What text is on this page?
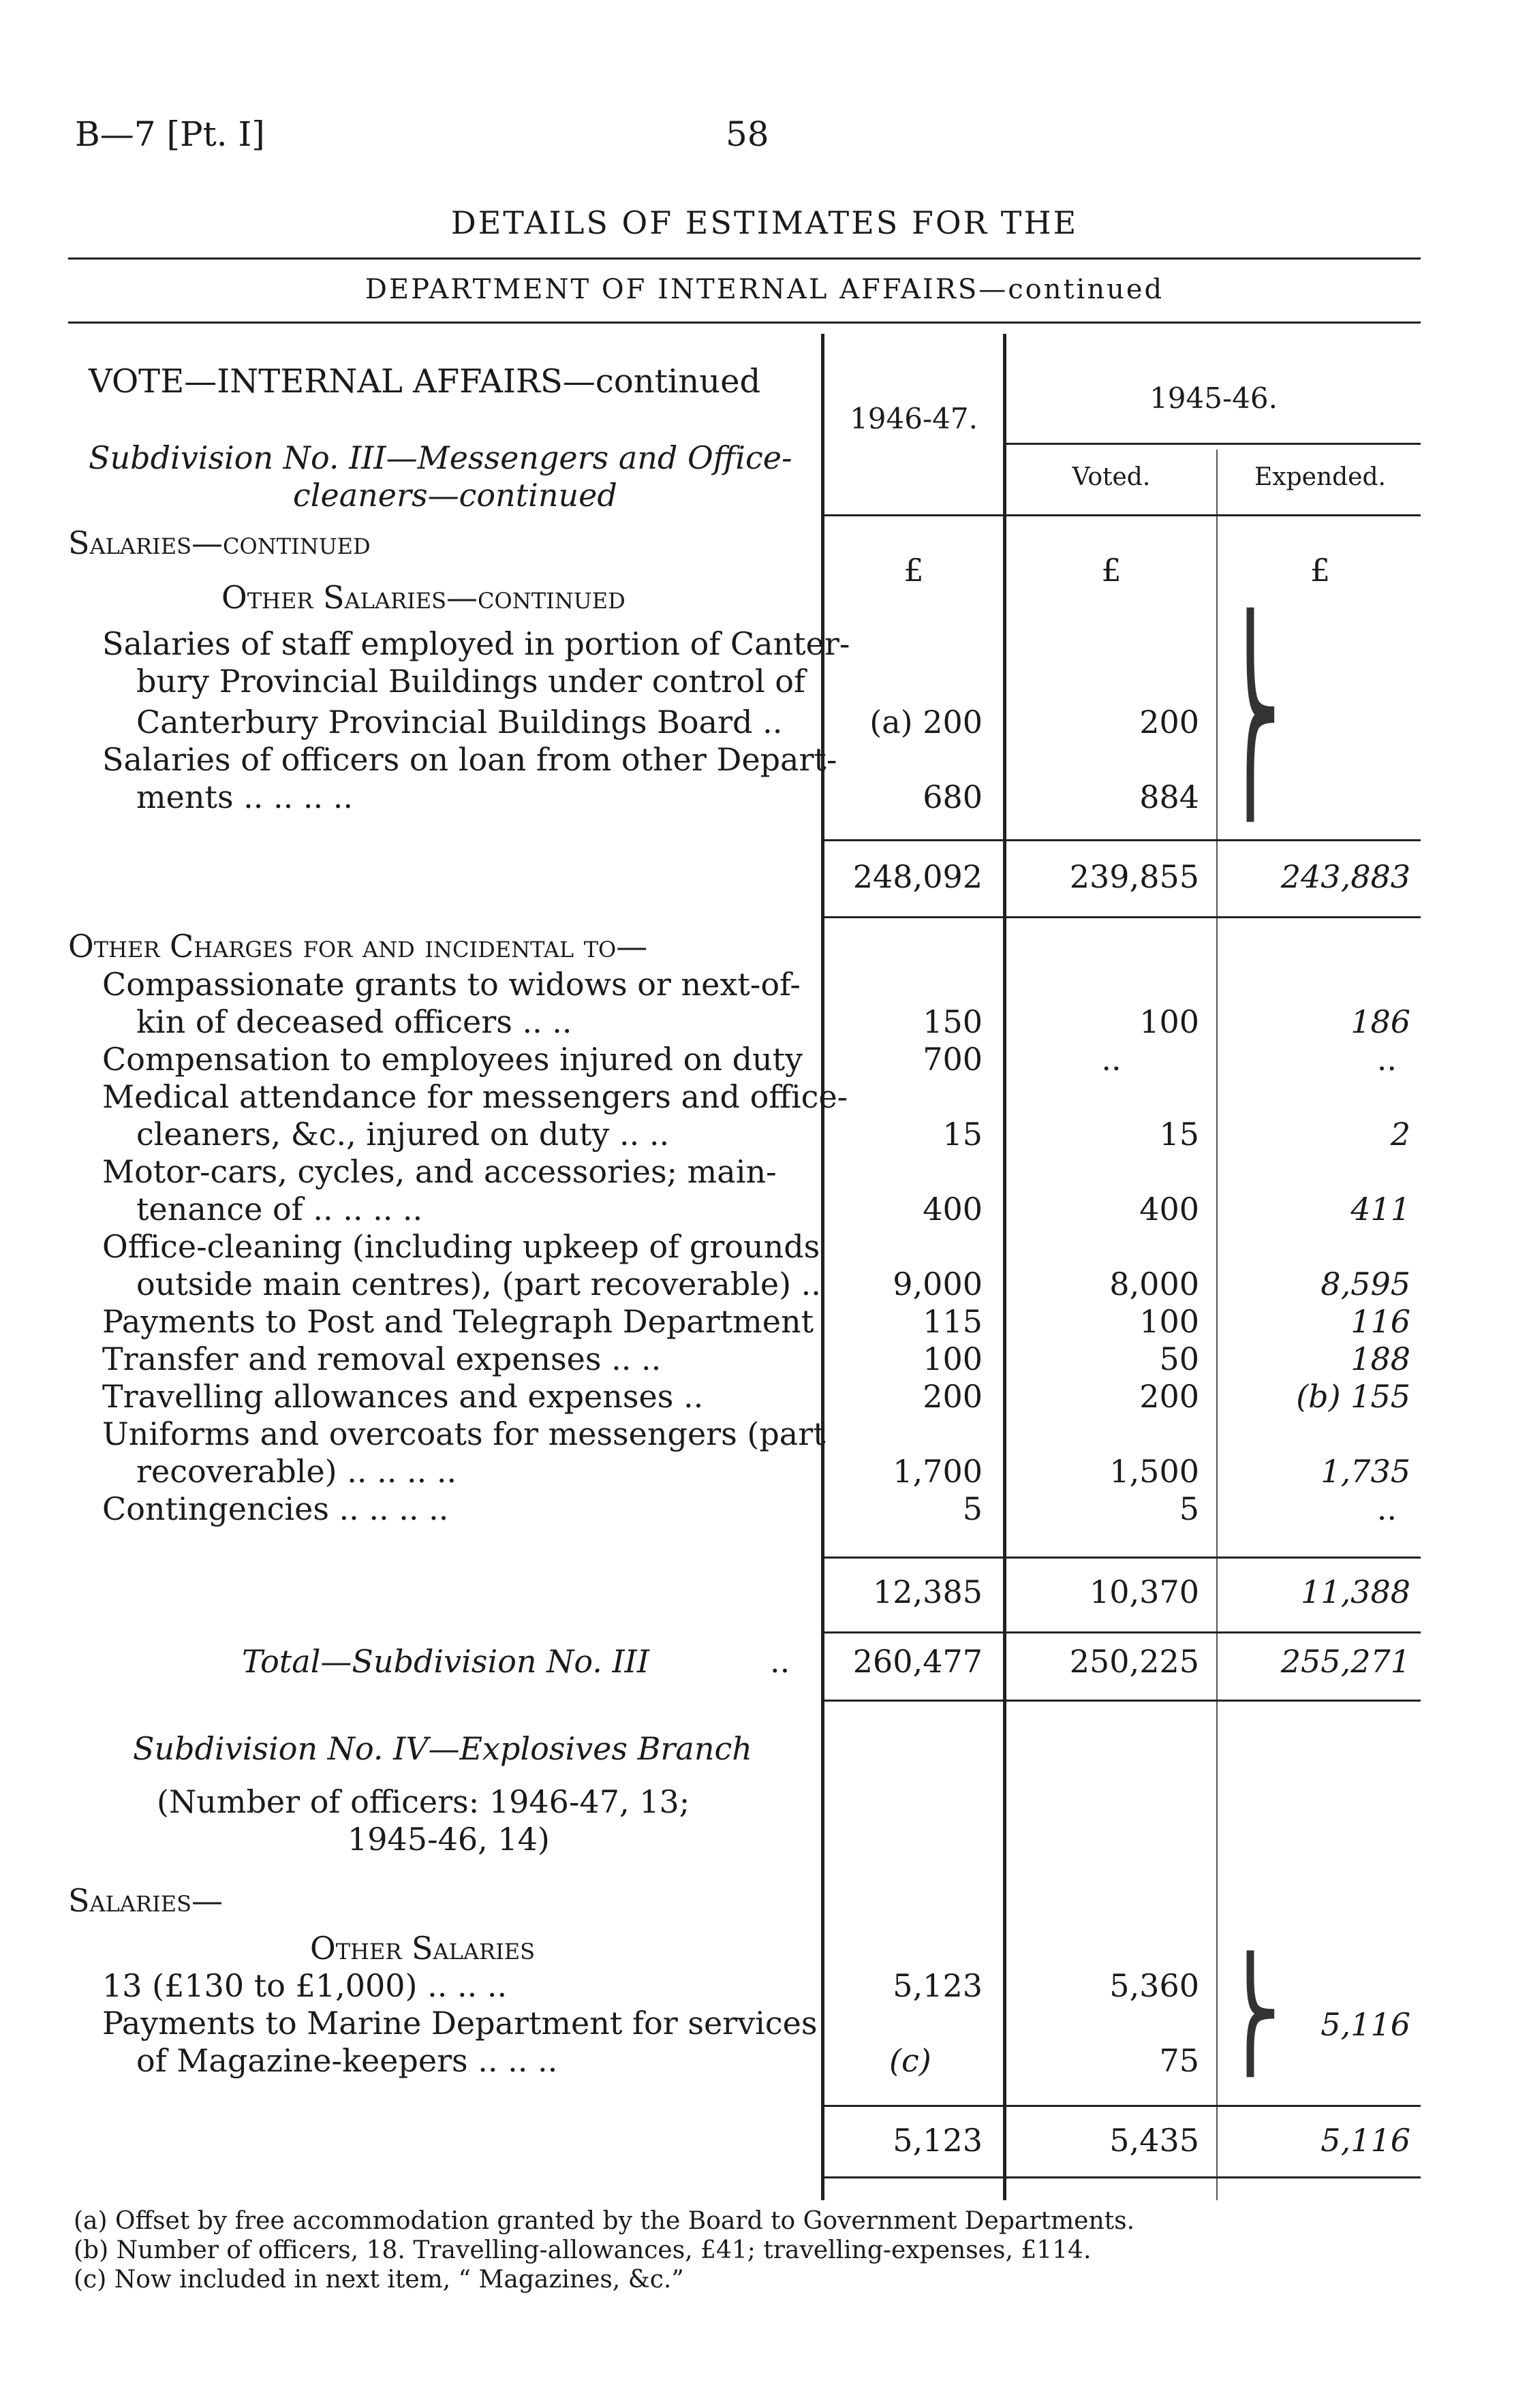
B—7 [Pt. I]	58
DETAILS OF ESTIMATES FOR THE
DEPARTMENT OF INTERNAL AFFAIRS—continued
1946-47.
1945-46.
Voted.	Expended.
£	£	£
VOTE—INTERNAL AFFAIRS—continued
Subdivision No. III—Messengers and Office-
cleaners—continued
Salaries—continued
Other Salaries—continued
Salaries of staff employed in portion of Canter-
bury Provincial Buildings under control of
Canterbury Provincial Buildings Board ..	(a) 200	200
Salaries of officers on loan from other Depart-
ments .. .. .. ..	680	884 ⎬
248,092	239,855	243,883
Other Charges for and incidental to—
Compassionate grants to widows or next-of-
kin of deceased officers .. ..	150	100	186
Compensation to employees injured on duty	700	..	..
Medical attendance for messengers and office-
cleaners, &c., injured on duty .. ..	15	15	2
Motor-cars, cycles, and accessories; main-
tenance of .. .. .. ..	400	400	411
Office-cleaning (including upkeep of grounds
outside main centres), (part recoverable) ..	9,000	8,000	8,595
Payments to Post and Telegraph Department	115	100	116
Transfer and removal expenses .. ..	100	50	188
Travelling allowances and expenses ..	200	200	(b) 155
Uniforms and overcoats for messengers (part
recoverable) .. .. .. ..	1,700	1,500	1,735
Contingencies .. .. .. ..	5	5	..
12,385	10,370	11,388
Total—Subdivision No. III	..	260,477	250,225	255,271
Subdivision No. IV—Explosives Branch
(Number of officers: 1946-47, 13;
1945-46, 14)
Salaries—
Other Salaries
13 (£130 to £1,000) .. .. ..	5,123	5,360
Payments to Marine Department for services
of Magazine-keepers .. .. ..	(c)	75 ⎬	5,116
5,123	5,435	5,116
(a) Offset by free accommodation granted by the Board to Government Departments.
(b) Number of officers, 18. Travelling-allowances, £41; travelling-expenses, £114.
(c) Now included in next item, “ Magazines, &c.”
